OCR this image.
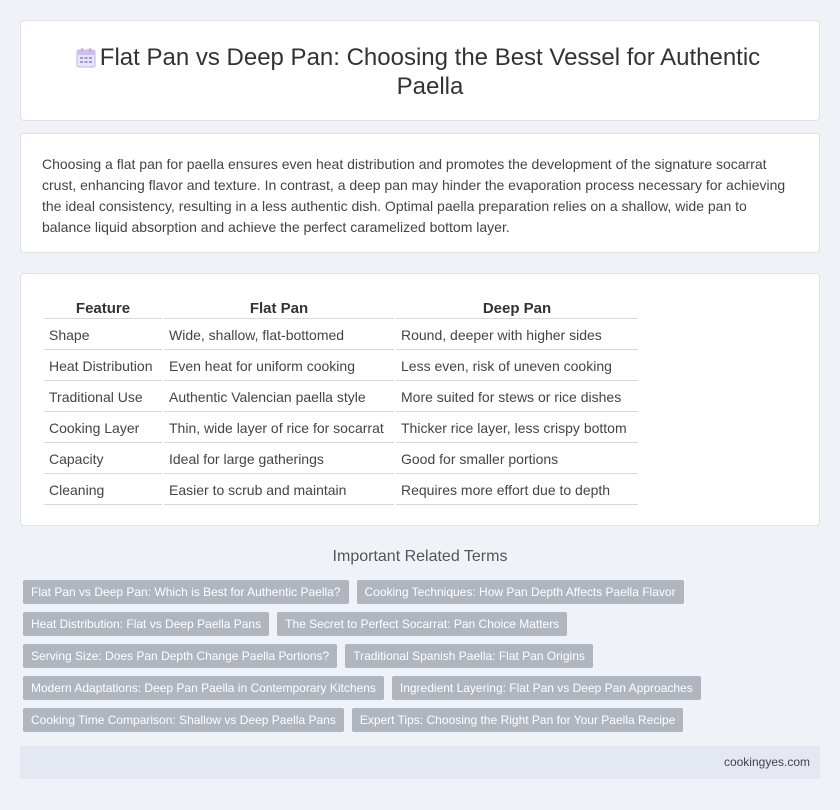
Flat Pan vs Deep Pan: Choosing the Best Vessel for Authentic Paella

Choosing a flat pan for paella ensures even heat distribution and promotes the development of the signature socarrat crust, enhancing flavor and texture. In contrast, a deep pan may hinder the evaporation process necessary for achieving the ideal consistency, resulting in a less authentic dish. Optimal paella preparation relies on a shallow, wide pan to balance liquid absorption and achieve the perfect caramelized bottom layer.

Feature	Flat Pan	Deep Pan
Shape	Wide, shallow, flat-bottomed	Round, deeper with higher sides
Heat Distribution	Even heat for uniform cooking	Less even, risk of uneven cooking
Traditional Use	Authentic Valencian paella style	More suited for stews or rice dishes
Cooking Layer	Thin, wide layer of rice for socarrat	Thicker rice layer, less crispy bottom
Capacity	Ideal for large gatherings	Good for smaller portions
Cleaning	Easier to scrub and maintain	Requires more effort due to depth
Important Related Terms
Flat Pan vs Deep Pan: Which is Best for Authentic Paella?	Cooking Techniques: How Pan Depth Affects Paella Flavor
Heat Distribution: Flat vs Deep Paella Pans	The Secret to Perfect Socarrat: Pan Choice Matters
Serving Size: Does Pan Depth Change Paella Portions?	Traditional Spanish Paella: Flat Pan Origins
Modern Adaptations: Deep Pan Paella in Contemporary Kitchens	Ingredient Layering: Flat Pan vs Deep Pan Approaches
Cooking Time Comparison: Shallow vs Deep Paella Pans	Expert Tips: Choosing the Right Pan for Your Paella Recipe
cookingyes.com
